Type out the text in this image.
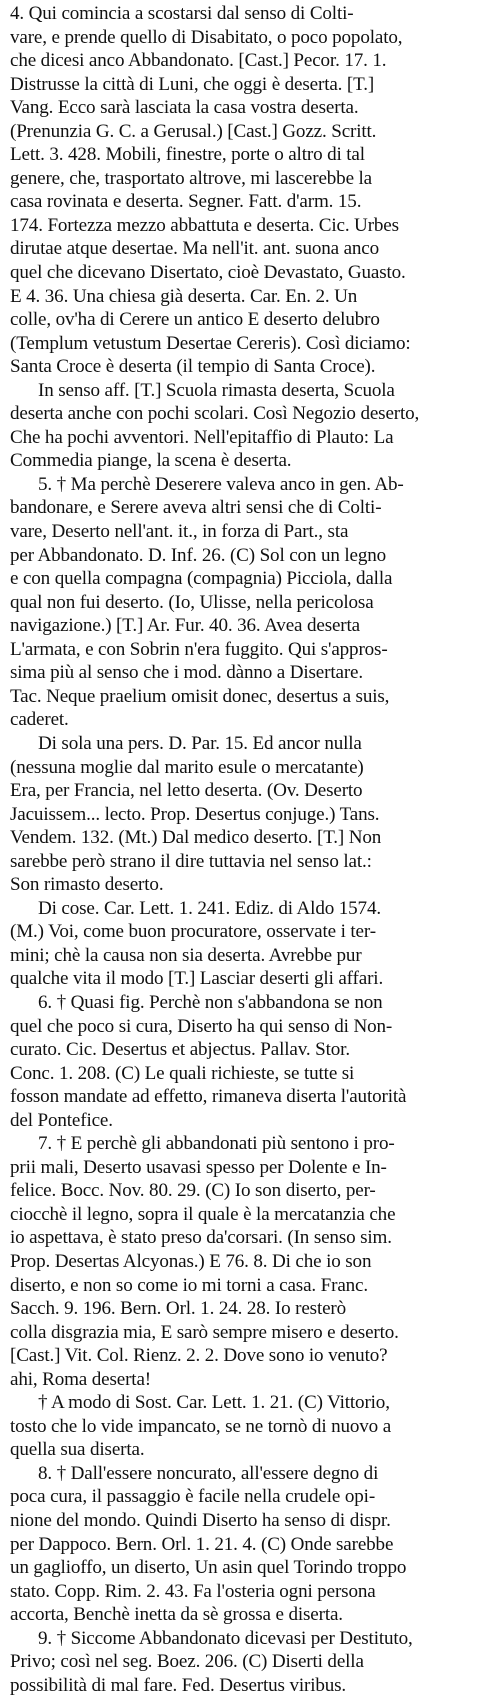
4. Qui comincia a scostarsi dal senso di Colti-
vare, e prende quello di Disabitato, o poco popolato,
che dicesi anco Abbandonato. [Cast.] Pecor. 17. 1.
Distrusse la città di Luni, che oggi è deserta. [T.]
Vang. Ecco sarà lasciata la casa vostra deserta.
(Prenunzia G. C. a Gerusal.) [Cast.] Gozz. Scritt.
Lett. 3. 428. Mobili, finestre, porte o altro di tal
genere, che, trasportato altrove, mi lascerebbe la
casa rovinata e deserta. Segner. Fatt. d'arm. 15.
174. Fortezza mezzo abbattuta e deserta. Cic. Urbes
dirutae atque desertae. Ma nell'it. ant. suona anco
quel che dicevano Disertato, cioè Devastato, Guasto.
E 4. 36. Una chiesa già deserta. Car. En. 2. Un
colle, ov'ha di Cerere un antico E deserto delubro
(Templum vetustum Desertae Cereris). Così diciamo:
Santa Croce è deserta (il tempio di Santa Croce).
In senso aff. [T.] Scuola rimasta deserta, Scuola
deserta anche con pochi scolari. Così Negozio deserto,
Che ha pochi avventori. Nell'epitaffio di Plauto: La
Commedia piange, la scena è deserta.
5. † Ma perchè Deserere valeva anco in gen. Ab-
bandonare, e Serere aveva altri sensi che di Colti-
vare, Deserto nell'ant. it., in forza di Part., sta
per Abbandonato. D. Inf. 26. (C) Sol con un legno
e con quella compagna (compagnia) Picciola, dalla
qual non fui deserto. (Io, Ulisse, nella pericolosa
navigazione.) [T.] Ar. Fur. 40. 36. Avea deserta
L'armata, e con Sobrin n'era fuggito. Qui s'appros-
sima più al senso che i mod. dànno a Disertare.
Tac. Neque praelium omisit donec, desertus a suis,
caderet.
Di sola una pers. D. Par. 15. Ed ancor nulla
(nessuna moglie dal marito esule o mercatante)
Era, per Francia, nel letto deserta. (Ov. Deserto
Jacuissem... lecto. Prop. Desertus conjuge.) Tans.
Vendem. 132. (Mt.) Dal medico deserto. [T.] Non
sarebbe però strano il dire tuttavia nel senso lat.:
Son rimasto deserto.
Di cose. Car. Lett. 1. 241. Ediz. di Aldo 1574.
(M.) Voi, come buon procuratore, osservate i ter-
mini; chè la causa non sia deserta. Avrebbe pur
qualche vita il modo [T.] Lasciar deserti gli affari.
6. † Quasi fig. Perchè non s'abbandona se non
quel che poco si cura, Diserto ha qui senso di Non-
curato. Cic. Desertus et abjectus. Pallav. Stor.
Conc. 1. 208. (C) Le quali richieste, se tutte si
fosson mandate ad effetto, rimaneva diserta l'autorità
del Pontefice.
7. † E perchè gli abbandonati più sentono i pro-
prii mali, Deserto usavasi spesso per Dolente e In-
felice. Bocc. Nov. 80. 29. (C) Io son diserto, per-
ciocchè il legno, sopra il quale è la mercatanzia che
io aspettava, è stato preso da'corsari. (In senso sim.
Prop. Desertas Alcyonas.) E 76. 8. Di che io son
diserto, e non so come io mi torni a casa. Franc.
Sacch. 9. 196. Bern. Orl. 1. 24. 28. Io resterò
colla disgrazia mia, E sarò sempre misero e deserto.
[Cast.] Vit. Col. Rienz. 2. 2. Dove sono io venuto?
ahi, Roma deserta!
† A modo di Sost. Car. Lett. 1. 21. (C) Vittorio,
tosto che lo vide impancato, se ne tornò di nuovo a
quella sua diserta.
8. † Dall'essere noncurato, all'essere degno di
poca cura, il passaggio è facile nella crudele opi-
nione del mondo. Quindi Diserto ha senso di dispr.
per Dappoco. Bern. Orl. 1. 21. 4. (C) Onde sarebbe
un gaglioffo, un diserto, Un asin quel Torindo troppo
stato. Copp. Rim. 2. 43. Fa l'osteria ogni persona
accorta, Benchè inetta da sè grossa e diserta.
9. † Siccome Abbandonato dicevasi per Destituto,
Privo; così nel seg. Boez. 206. (C) Diserti della
possibilità di mal fare. Fed. Desertus viribus.
